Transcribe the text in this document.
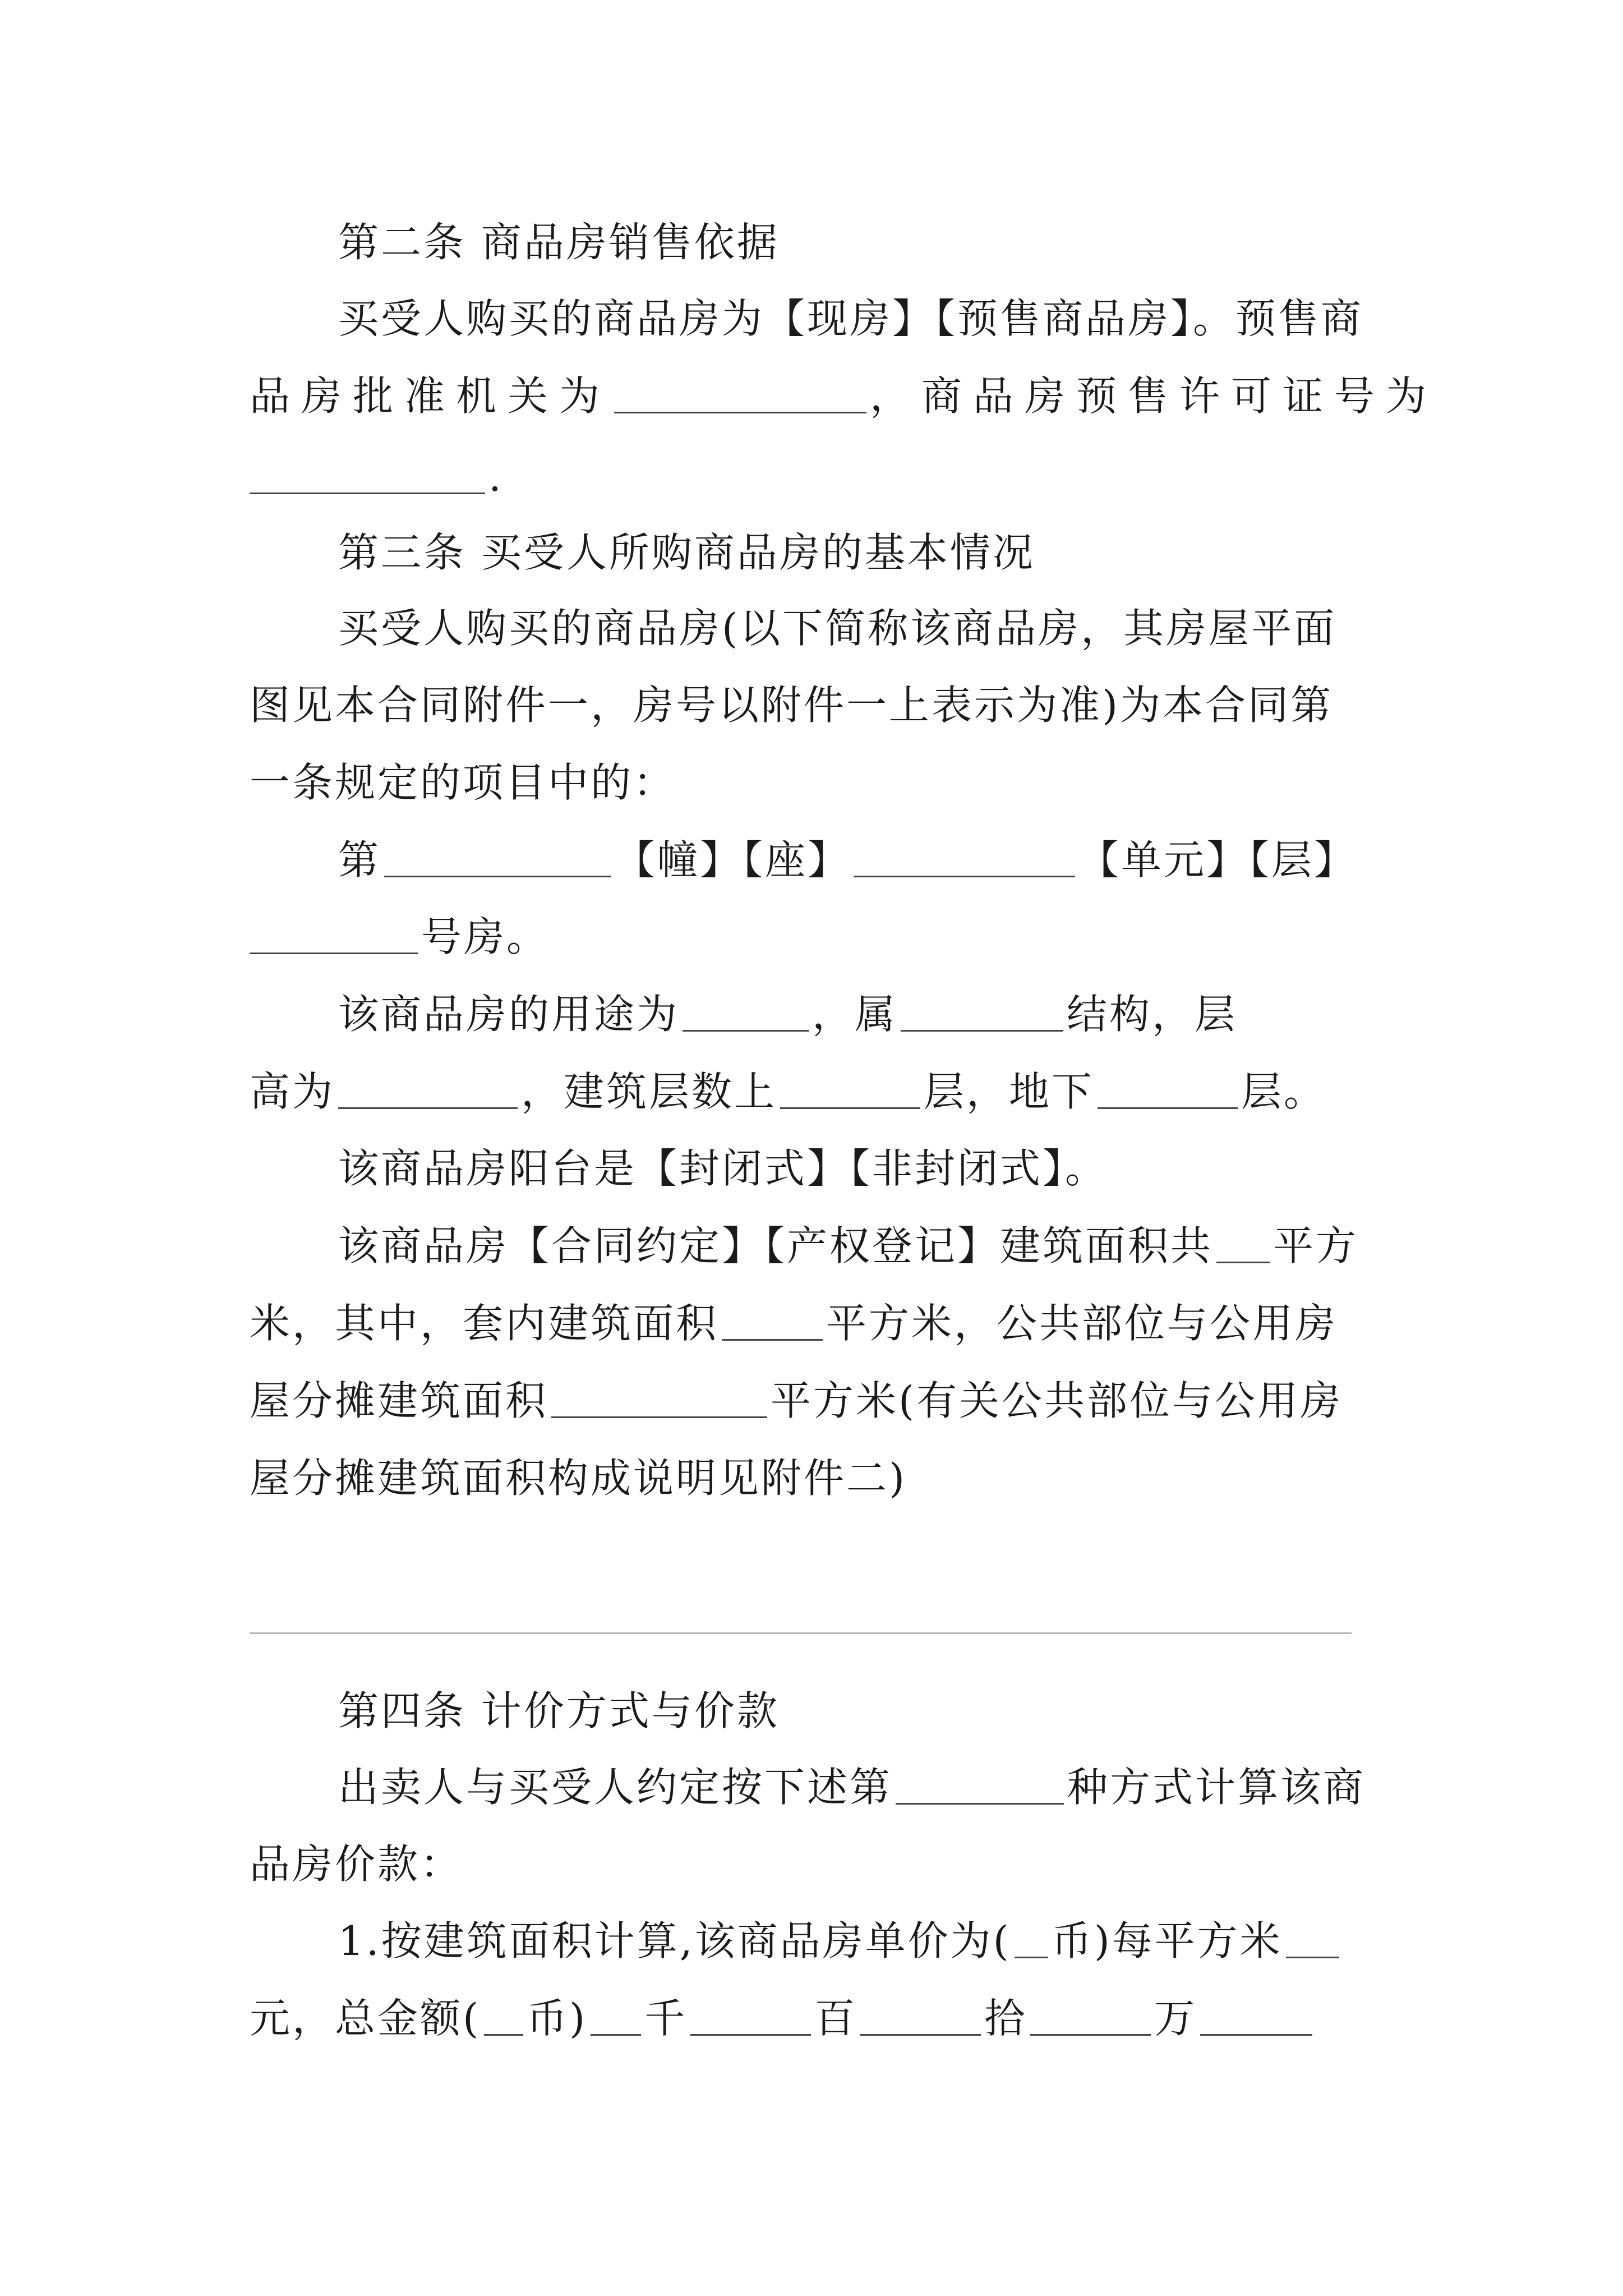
第二条 商品房销售依据
买受人购买的商品房为【现房】【预售商品房】。预售商
品房批准机关为	，商品房预售许可证号为
.
第三条 买受人所购商品房的基本情况
买受人购买的商品房(以下简称该商品房，其房屋平面
图见本合同附件一，房号以附件一上表示为准)为本合同第
一条规定的项目中的：
第	【幢】【座】	【单元】【层】
号房。
该商品房的用途为	，属	结构，层
高为	，建筑层数上	层，地下	层。
该商品房阳台是【封闭式】【非封闭式】。
该商品房【合同约定】【产权登记】建筑面积共 平方
米，其中，套内建筑面积	平方米，公共部位与公用房
屋分摊建筑面积	平方米(有关公共部位与公用房
屋分摊建筑面积构成说明见附件二)
第四条 计价方式与价款
出卖人与买受人约定按下述第	种方式计算该商
品房价款：
1.按建筑面积计算,该商品房单价为( 币)每平方米
元，总金额( 币) 千	百	拾	万
